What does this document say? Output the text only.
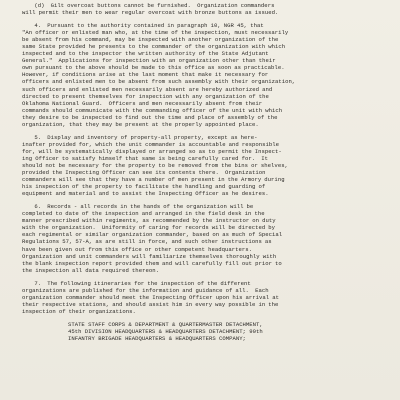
(d)  Gilt overcoat buttons cannot be furnished.  Organization commanders
will permit their men to wear regular overcoat with bronze buttons as issued.

4.  Pursuant to the authority contained in paragraph 10, NGR 45, that
"An officer or enlisted man who, at the time of the inspection, must necessarily
be absent from his command, may be inspected with another organization of the
same State provided he presents to the commander of the organization with which
inspected and to the inspector the written authority of the State Adjutant
General."  Applications for inspection with an organization other than their
own pursuant to the above should be made to this office as soon as practicable.
However, if conditions arise at the last moment that make it necessary for
officers and enlisted men to be absent from such assembly with their organization,
such officers and enlisted men necessarily absent are hereby authorized and
directed to present themselves for inspection with any organization of the
Oklahoma National Guard.  Officers and men necessarily absent from their
commands should communicate with the commanding officer of the unit with which
they desire to be inspected to find out the time and place of assembly of the
organization, that they may be present at the properly appointed place.

5.  Display and inventory of property-all property, except as here-
inafter provided for, which the unit commander is accountable and responsible
for, will be systematically displayed or arranged so as to permit the Inspect-
ing Officer to satisfy himself that same is being carefully cared for.  It
should not be necessary for the property to be removed from the bins or shelves,
provided the Inspecting Officer can see its contents there.  Organization
commanders will see that they have a number of men present in the Armory during
his inspection of the property to facilitate the handling and guarding of
equipment and material and to assist the Inspecting Officer as he desires.

6.  Records - all records in the hands of the organization will be
completed to date of the inspection and arranged in the field desk in the
manner prescribed within regiments, as recommended by the instructor on duty
with the organization.  Uniformity of caring for records will be directed by
each regimental or similar organization commander, based on as much of Special
Regulations 57, 57-A, as are still in force, and such other instructions as
have been given out from this office or other competent headquarters.
Organization and unit commanders will familiarize themselves thoroughly with
the blank inspection report provided them and will carefully fill out prior to
the inspection all data required thereon.

7.  The following itineraries for the inspection of the different
organizations are published for the information and guidance of all.  Each
organization commander should meet the Inspecting Officer upon his arrival at
their respective stations, and should assist him in every way possible in the
inspection of their organizations.

STATE STAFF CORPS & DEPARTMENT & QUARTERMASTER DETACHMENT,
45th DIVISION HEADQUARTERS & HEADQUARTERS DETACHMENT; 90th
INFANTRY BRIGADE HEADQUARTERS & HEADQUARTERS COMPANY;
